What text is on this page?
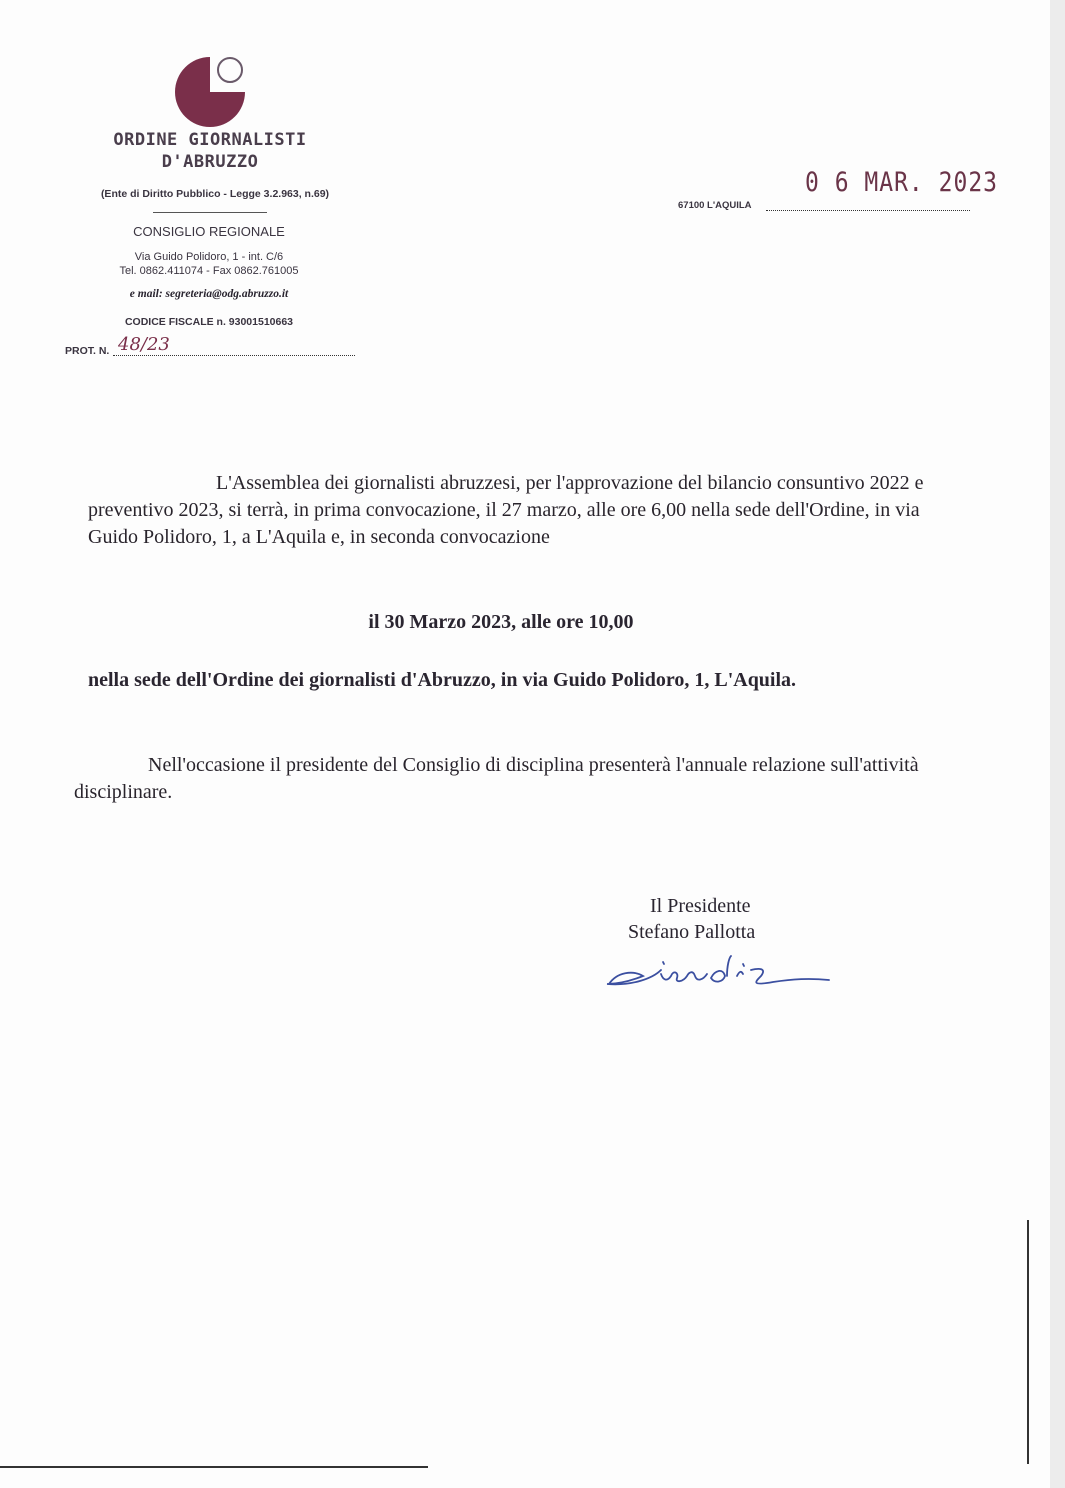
ORDINE GIORNALISTI
D'ABRUZZO
(Ente di Diritto Pubblico - Legge 3.2.963, n.69)
CONSIGLIO REGIONALE
Via Guido Polidoro, 1 - int. C/6
Tel. 0862.411074 - Fax 0862.761005
e mail: segreteria@odg.abruzzo.it
CODICE FISCALE n. 93001510663
PROT. N. 48/23
0 6 MAR. 2023
67100 L'AQUILA
L'Assemblea dei giornalisti abruzzesi, per l'approvazione del bilancio consuntivo 2022 e preventivo 2023, si terrà, in prima convocazione, il 27 marzo, alle ore 6,00 nella sede dell'Ordine, in via Guido Polidoro, 1, a L'Aquila e, in seconda convocazione
il 30 Marzo 2023, alle ore 10,00
nella sede dell'Ordine dei giornalisti d'Abruzzo, in via Guido Polidoro, 1, L'Aquila.
Nell'occasione il presidente del Consiglio di disciplina presenterà l'annuale relazione sull'attività disciplinare.
Il Presidente
Stefano Pallotta
